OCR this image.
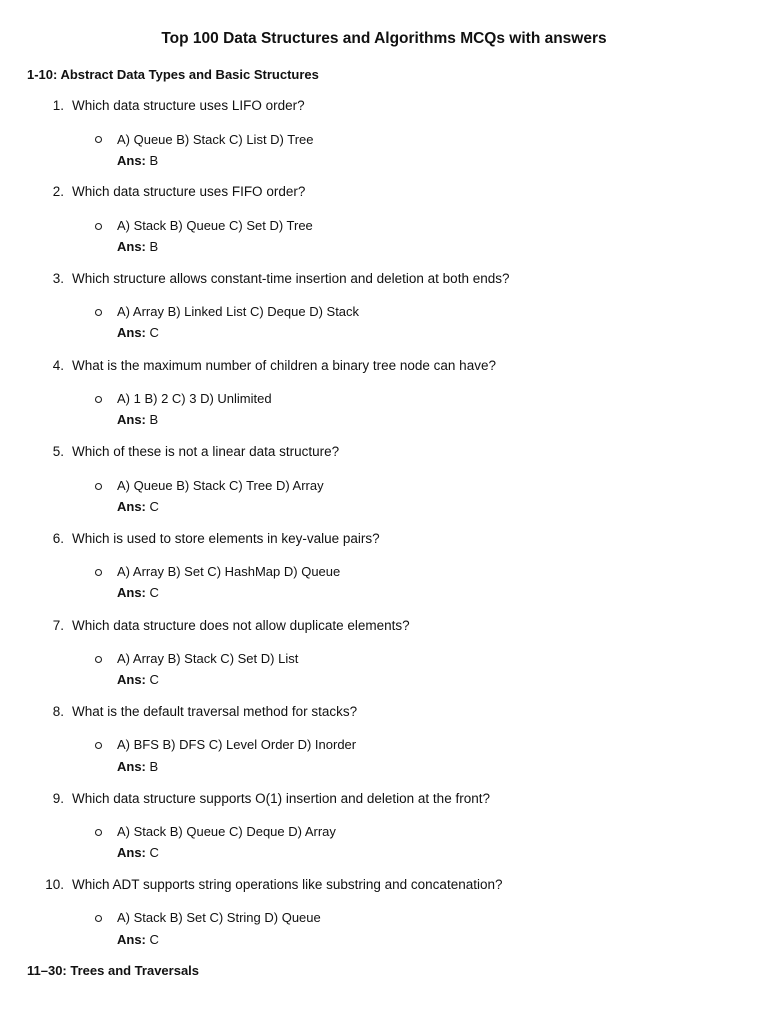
Top 100 Data Structures and Algorithms MCQs with answers
1-10: Abstract Data Types and Basic Structures
1. Which data structure uses LIFO order?
A) Queue B) Stack C) List D) Tree
Ans: B
2. Which data structure uses FIFO order?
A) Stack B) Queue C) Set D) Tree
Ans: B
3. Which structure allows constant-time insertion and deletion at both ends?
A) Array B) Linked List C) Deque D) Stack
Ans: C
4. What is the maximum number of children a binary tree node can have?
A) 1 B) 2 C) 3 D) Unlimited
Ans: B
5. Which of these is not a linear data structure?
A) Queue B) Stack C) Tree D) Array
Ans: C
6. Which is used to store elements in key-value pairs?
A) Array B) Set C) HashMap D) Queue
Ans: C
7. Which data structure does not allow duplicate elements?
A) Array B) Stack C) Set D) List
Ans: C
8. What is the default traversal method for stacks?
A) BFS B) DFS C) Level Order D) Inorder
Ans: B
9. Which data structure supports O(1) insertion and deletion at the front?
A) Stack B) Queue C) Deque D) Array
Ans: C
10. Which ADT supports string operations like substring and concatenation?
A) Stack B) Set C) String D) Queue
Ans: C
11–30: Trees and Traversals
